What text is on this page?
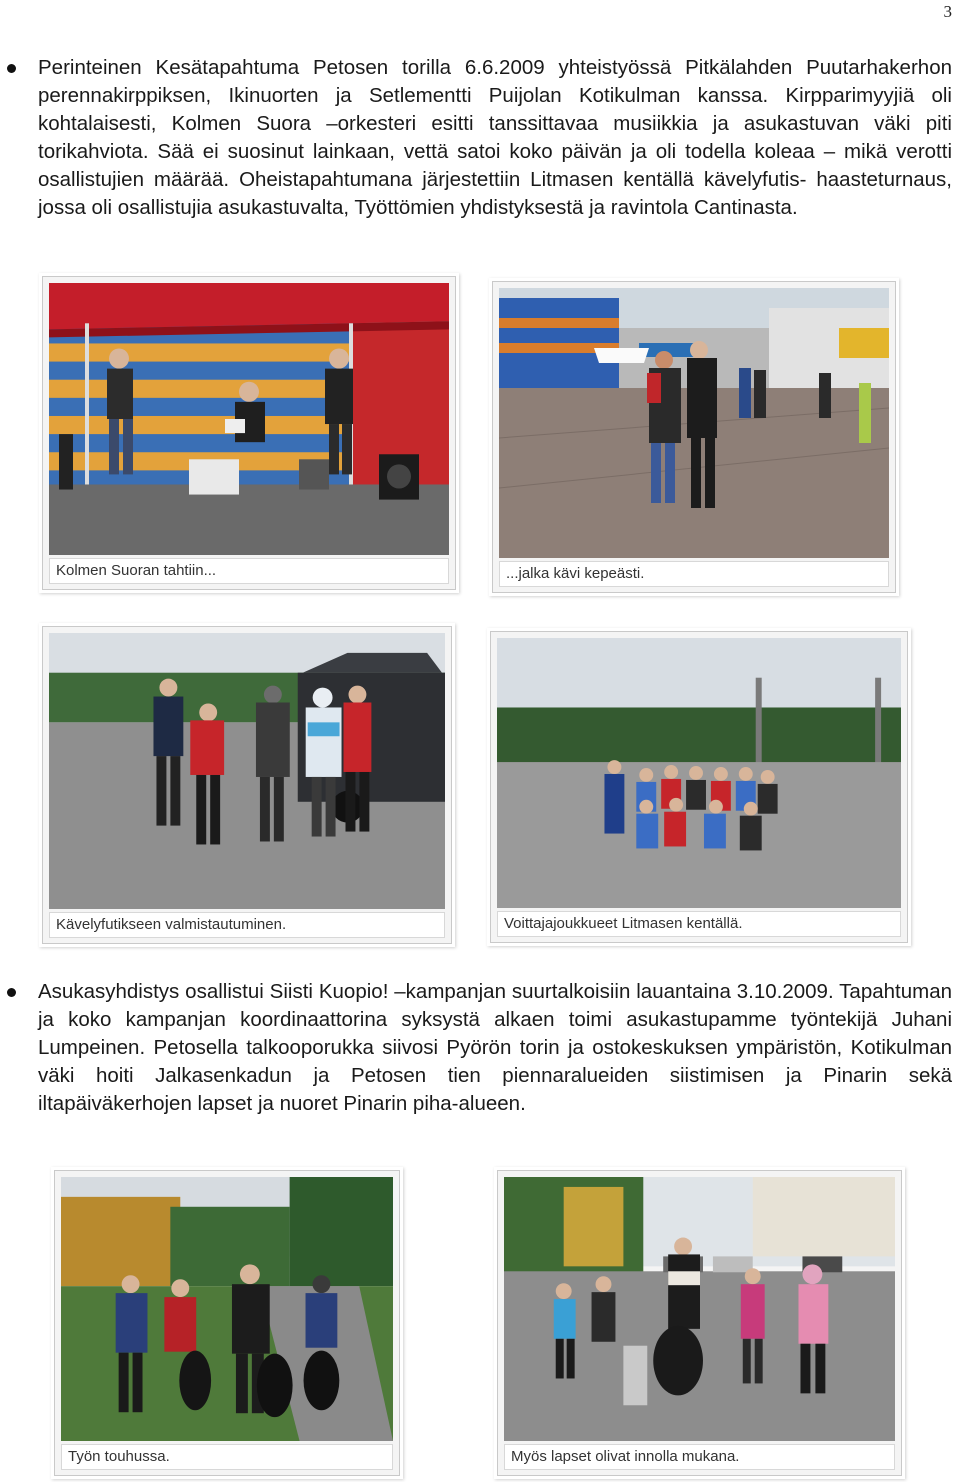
3

Perinteinen Kesätapahtuma Petosen torilla 6.6.2009 yhteistyössä Pitkälahden Puutarhakerhon perennakirppiksen, Ikinuorten ja Setlementti Puijolan Kotikulman kanssa. Kirpparimyyjiä oli kohtalaisesti, Kolmen Suora –orkesteri esitti tanssittavaa musiikkia ja asukastuvan väki piti torikahviota. Sää ei suosinut lainkaan, vettä satoi koko päivän ja oli todella koleaa – mikä verotti osallistujien määrää. Oheistapahtumana järjestettiin Litmasen kentällä kävelyfutis- haasteturnaus, jossa oli osallistujia asukastuvalta, Työttömien yhdistyksestä ja ravintola Cantinasta.

Kolmen Suoran tahtiin...	...jalka kävi kepeästi.
Kävelyfutikseen valmistautuminen.	Voittajajoukkueet Litmasen kentällä.

Asukasyhdistys osallistui Siisti Kuopio! –kampanjan suurtalkoisiin lauantaina 3.10.2009. Tapahtuman ja koko kampanjan koordinaattorina syksystä alkaen toimi asukastupamme työntekijä Juhani Lumpeinen. Petosella talkooporukka siivosi Pyörön torin ja ostokeskuksen ympäristön, Kotikulman väki hoiti Jalkasenkadun ja Petosen tien piennaralueiden siistimisen ja Pinarin sekä iltapäiväkerhojen lapset ja nuoret Pinarin piha-alueen.

Työn touhussa.	Myös lapset olivat innolla mukana.
